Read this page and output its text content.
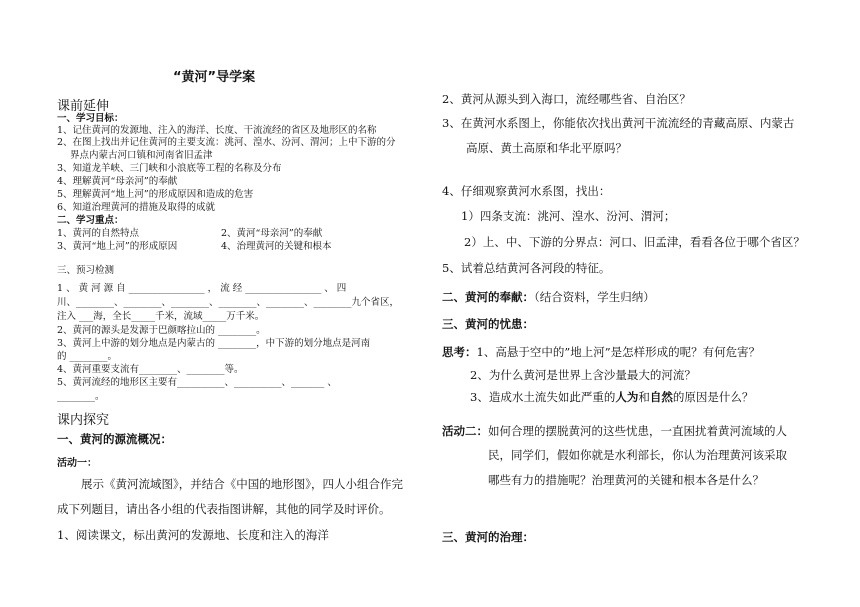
“黄河”导学案
课前延伸
一、学习目标：
1、记住黄河的发源地、注入的海洋、长度、干流流经的省区及地形区的名称
2、在图上找出并记住黄河的主要支流：洮河、湟水、汾河、渭河；上中下游的分
界点内蒙古河口镇和河南省旧孟津
3、知道龙羊峡、三门峡和小浪底等工程的名称及分布
4、理解黄河“母亲河”的奉献
5、理解黄河“地上河”的形成原因和造成的危害
6、知道治理黄河的措施及取得的成就
二、学习重点：
1、黄河的自然特点	2、黄河“母亲河”的奉献
3、黄河“地上河”的形成原因	4、治理黄河的关键和根本
三、预习检测
1 、 黄 河 源 自 ________________ ， 流 经 ________________ 、 四
川、________、________、________、________、________、________九个省区，
注入 ___海，全长_____千米，流域_____万千米。
2、黄河的源头是发源于巴颜喀拉山的 ________。
3、黄河上中游的划分地点是内蒙古的 ________，中下游的划分地点是河南
的 ________。
4、黄河重要支流有________、________等。
5、黄河流经的地形区主要有__________、__________、_______ 、
________。
课内探究
一、黄河的源流概况：
活动一：
展示《黄河流域图》，并结合《中国的地形图》，四人小组合作完
成下列题目，请出各小组的代表指图讲解，其他的同学及时评价。
1、阅读课文，标出黄河的发源地、长度和注入的海洋
2、黄河从源头到入海口，流经哪些省、自治区？
3、在黄河水系图上，你能依次找出黄河干流流经的青藏高原、内蒙古
高原、黄土高原和华北平原吗？
4、仔细观察黄河水系图，找出：
1）四条支流：洮河、湟水、汾河、渭河；
2）上、中、下游的分界点：河口、旧孟津，看看各位于哪个省区？
5、试着总结黄河各河段的特征。
二、黄河的奉献：（结合资料，学生归纳）
三、黄河的忧患：
思考：1、高悬于空中的”地上河”是怎样形成的呢？有何危害？
2、为什么黄河是世界上含沙量最大的河流？
3、造成水土流失如此严重的人为和自然的原因是什么？
活动二： 如何合理的摆脱黄河的这些忧患，一直困扰着黄河流域的人
民，同学们，假如你就是水利部长，你认为治理黄河该采取
哪些有力的措施呢？治理黄河的关键和根本各是什么？
三、黄河的治理：
